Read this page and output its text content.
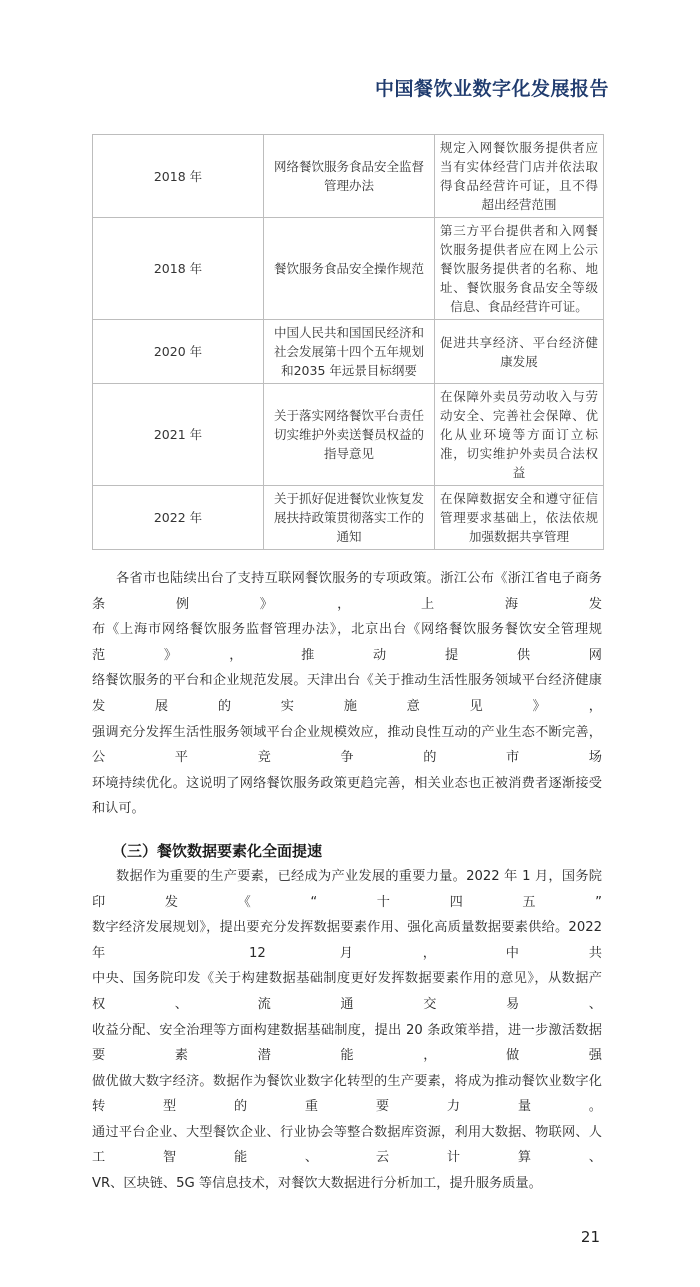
中国餐饮业数字化发展报告
2018 年	网络餐饮服务食品安全监督管理办法	规定入网餐饮服务提供者应当有实体经营门店并依法取得食品经营许可证，且不得超出经营范围
2018 年	餐饮服务食品安全操作规范	第三方平台提供者和入网餐饮服务提供者应在网上公示餐饮服务提供者的名称、地址、餐饮服务食品安全等级信息、食品经营许可证。
2020 年	中国人民共和国国民经济和社会发展第十四个五年规划和2035 年远景目标纲要	促进共享经济、平台经济健康发展
2021 年	关于落实网络餐饮平台责任切实维护外卖送餐员权益的指导意见	在保障外卖员劳动收入与劳动安全、完善社会保障、优化从业环境等方面订立标准，切实维护外卖员合法权益
2022 年	关于抓好促进餐饮业恢复发展扶持政策贯彻落实工作的通知	在保障数据安全和遵守征信管理要求基础上，依法依规加强数据共享管理
各省市也陆续出台了支持互联网餐饮服务的专项政策。浙江公布《浙江省电子商务条例》，上海发
布《上海市网络餐饮服务监督管理办法》，北京出台《网络餐饮服务餐饮安全管理规范》，推动提供网
络餐饮服务的平台和企业规范发展。天津出台《关于推动生活性服务领域平台经济健康发展的实施意见》，
强调充分发挥生活性服务领域平台企业规模效应，推动良性互动的产业生态不断完善，公平竞争的市场
环境持续优化。这说明了网络餐饮服务政策更趋完善，相关业态也正被消费者逐渐接受和认可。
（三）餐饮数据要素化全面提速
数据作为重要的生产要素，已经成为产业发展的重要力量。2022 年 1 月，国务院印发《“十四五”
数字经济发展规划》，提出要充分发挥数据要素作用、强化高质量数据要素供给。2022 年 12 月，中共
中央、国务院印发《关于构建数据基础制度更好发挥数据要素作用的意见》，从数据产权、流通交易、
收益分配、安全治理等方面构建数据基础制度，提出 20 条政策举措，进一步激活数据要素潜能，做强
做优做大数字经济。数据作为餐饮业数字化转型的生产要素，将成为推动餐饮业数字化转型的重要力量。
通过平台企业、大型餐饮企业、行业协会等整合数据库资源，利用大数据、物联网、人工智能、云计算、
VR、区块链、5G 等信息技术，对餐饮大数据进行分析加工，提升服务质量。
21
